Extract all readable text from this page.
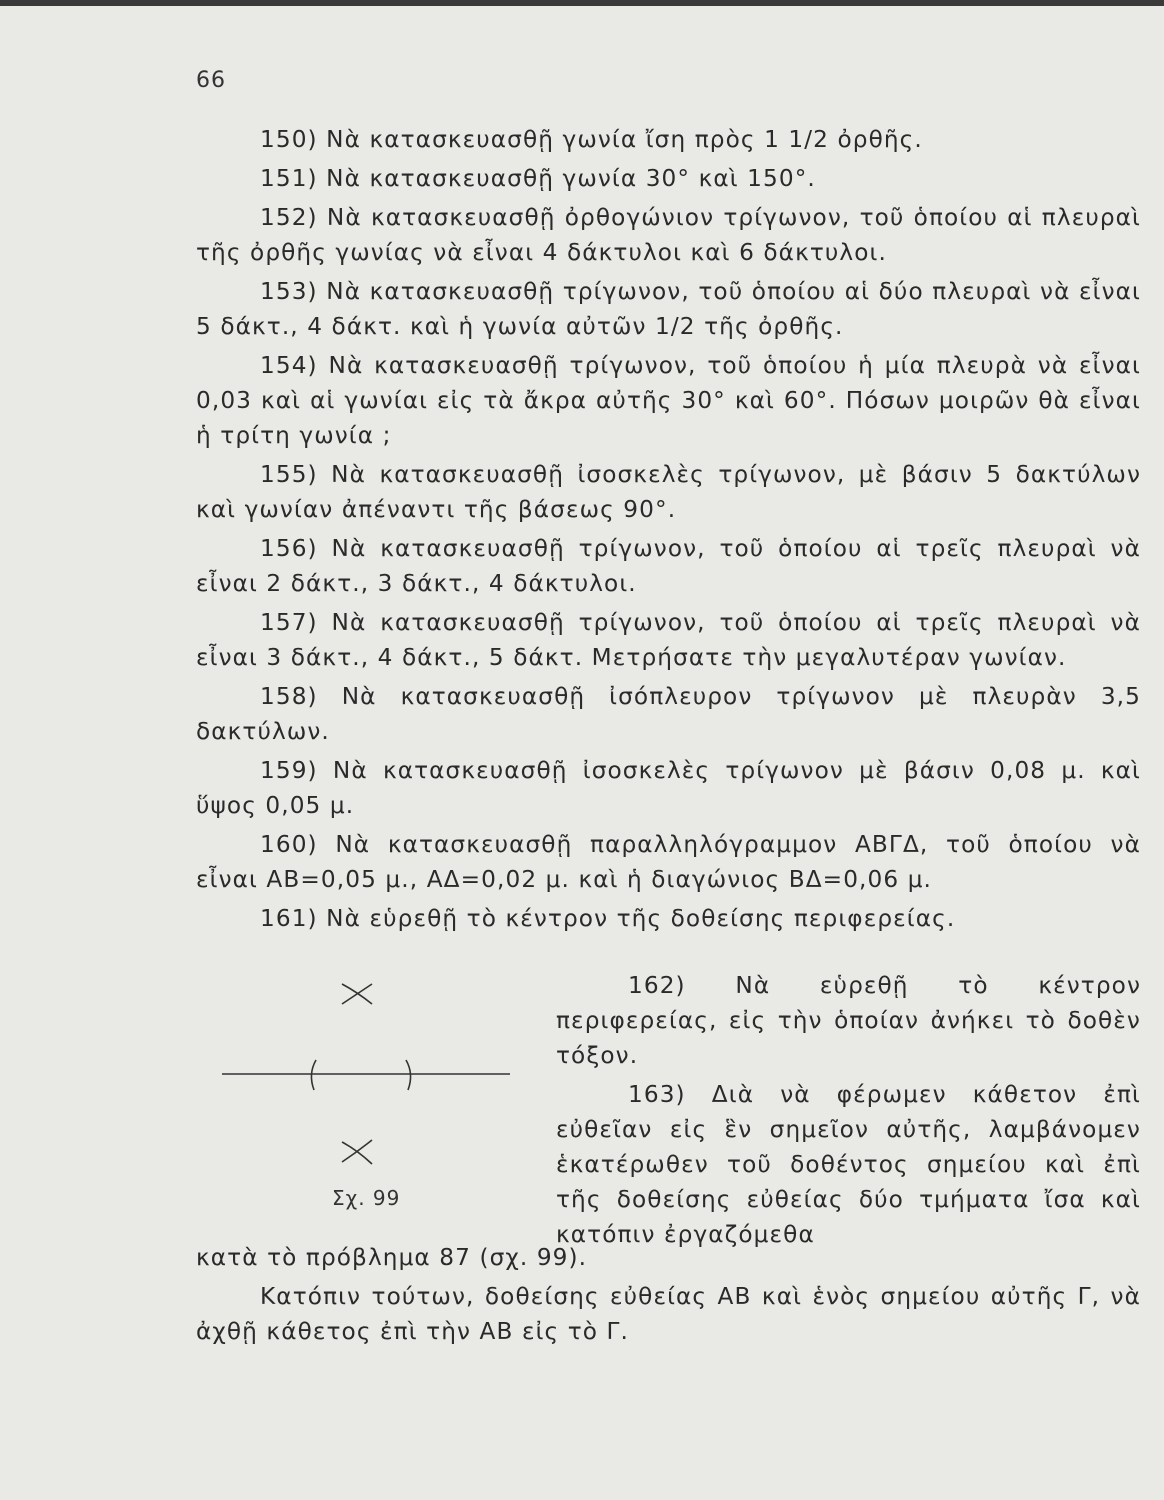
66

150) Νὰ κατασκευασθῇ γωνία ἴση πρὸς 1 1/2 ὀρθῆς.

151) Νὰ κατασκευασθῇ γωνία 30° καὶ 150°.

152) Νὰ κατασκευασθῇ ὀρθογώνιον τρίγωνον, τοῦ ὁποίου αἱ πλευραὶ τῆς ὀρθῆς γωνίας νὰ εἶναι 4 δάκτυλοι καὶ 6 δάκτυλοι.

153) Νὰ κατασκευασθῇ τρίγωνον, τοῦ ὁποίου αἱ δύο πλευραὶ νὰ εἶναι 5 δάκτ., 4 δάκτ. καὶ ἡ γωνία αὐτῶν 1/2 τῆς ὀρθῆς.

154) Νὰ κατασκευασθῇ τρίγωνον, τοῦ ὁποίου ἡ μία πλευρὰ νὰ εἶναι 0,03 καὶ αἱ γωνίαι εἰς τὰ ἄκρα αὐτῆς 30° καὶ 60°. Πόσων μοιρῶν θὰ εἶναι ἡ τρίτη γωνία ;

155) Νὰ κατασκευασθῇ ἰσοσκελὲς τρίγωνον, μὲ βάσιν 5 δακτύλων καὶ γωνίαν ἀπέναντι τῆς βάσεως 90°.

156) Νὰ κατασκευασθῇ τρίγωνον, τοῦ ὁποίου αἱ τρεῖς πλευραὶ νὰ εἶναι 2 δάκτ., 3 δάκτ., 4 δάκτυλοι.

157) Νὰ κατασκευασθῇ τρίγωνον, τοῦ ὁποίου αἱ τρεῖς πλευραὶ νὰ εἶναι 3 δάκτ., 4 δάκτ., 5 δάκτ. Μετρήσατε τὴν μεγαλυτέραν γωνίαν.

158) Νὰ κατασκευασθῇ ἰσόπλευρον τρίγωνον μὲ πλευρὰν 3,5 δακτύλων.

159) Νὰ κατασκευασθῇ ἰσοσκελὲς τρίγωνον μὲ βάσιν 0,08 μ. καὶ ὕψος 0,05 μ.

160) Νὰ κατασκευασθῇ παραλληλόγραμμον ΑΒΓΔ, τοῦ ὁποίου νὰ εἶναι ΑΒ=0,05 μ., ΑΔ=0,02 μ. καὶ ἡ διαγώνιος ΒΔ=0,06 μ.

161) Νὰ εὑρεθῇ τὸ κέντρον τῆς δοθείσης περιφερείας.

Σχ. 99

162) Νὰ εὑρεθῇ τὸ κέντρον περιφερείας, εἰς τὴν ὁποίαν ἀνήκει τὸ δοθὲν τόξον.

163) Διὰ νὰ φέρωμεν κάθετον ἐπὶ εὐθεῖαν εἰς ἓν σημεῖον αὐτῆς, λαμβάνομεν ἑκατέρωθεν τοῦ δοθέντος σημείου καὶ ἐπὶ τῆς δοθείσης εὐθείας δύο τμήματα ἴσα καὶ κατόπιν ἐργαζόμεθα

κατὰ τὸ πρόβλημα 87 (σχ. 99).

Κατόπιν τούτων, δοθείσης εὐθείας ΑΒ καὶ ἑνὸς σημείου αὐτῆς Γ, νὰ ἀχθῇ κάθετος ἐπὶ τὴν ΑΒ εἰς τὸ Γ.
